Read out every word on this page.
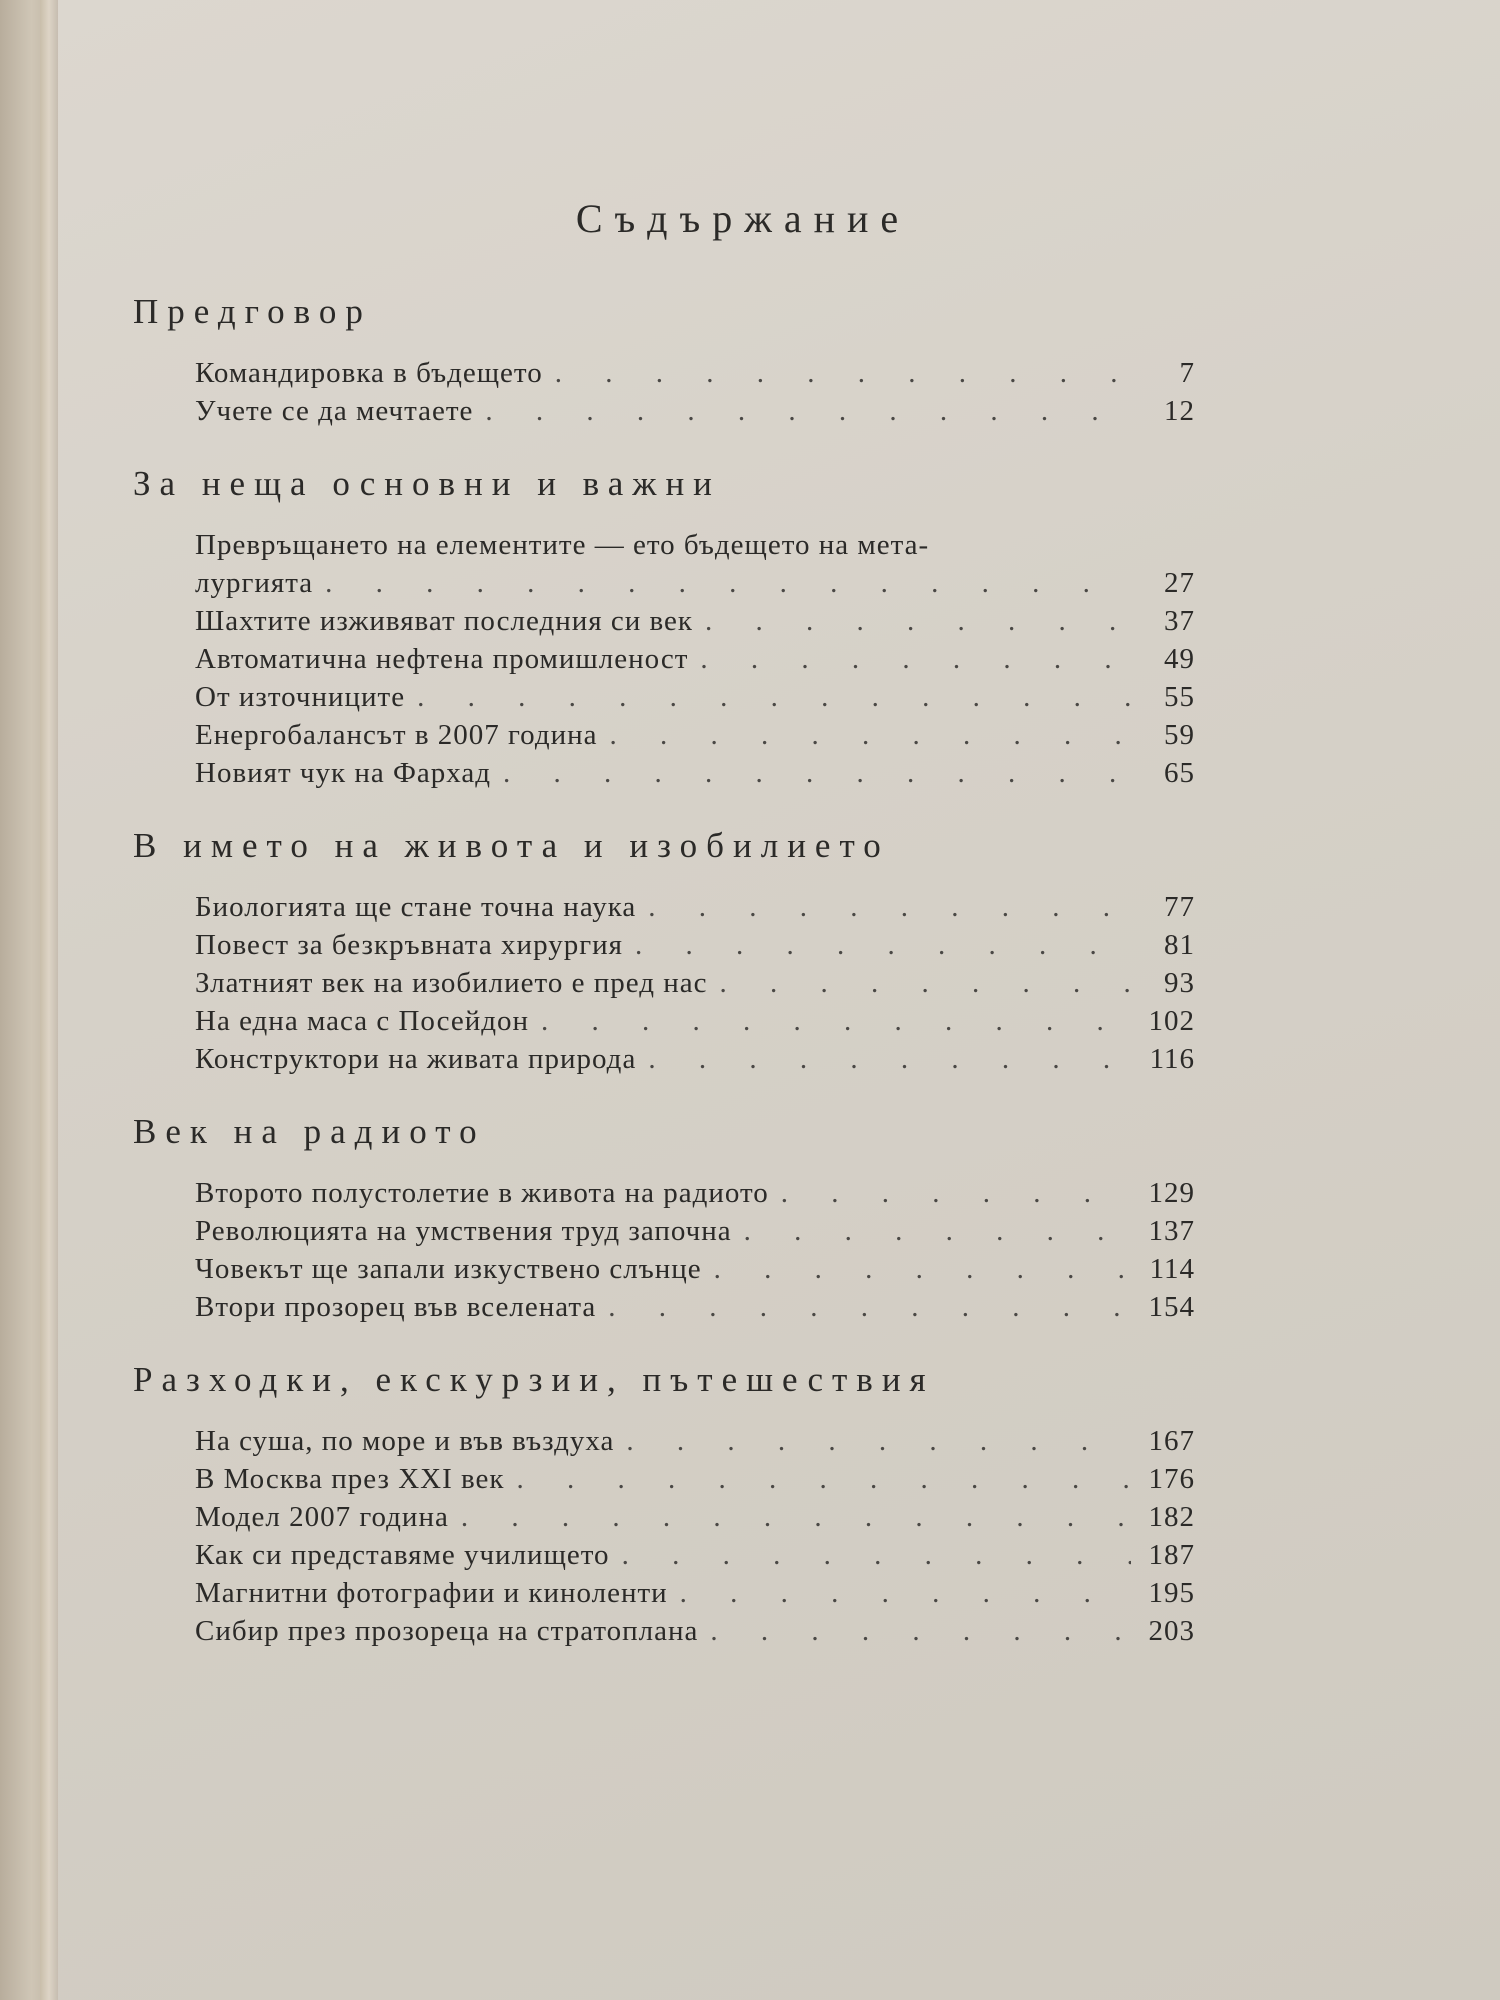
Съдържание
Предговор
Командировка в бъдещето . . .	7
Учете се да мечтаете . . .	12
За неща основни и важни
Превръщането на елементите — ето бъдещето на мета-
лургията . . .	27
Шахтите изживяват последния си век . . .	37
Автоматична нефтена промишленост . . .	49
От източниците . . .	55
Енергобалансът в 2007 година . . .	59
Новият чук на Фархад . . .	65
В името на живота и изобилието
Биологията ще стане точна наука . . .	77
Повест за безкръвната хирургия . . .	81
Златният век на изобилието е пред нас . . .	93
На една маса с Посейдон . . .	102
Конструктори на живата природа . . .	116
Век на радиото
Второто полустолетие в живота на радиото . . .	129
Революцията на умствения труд започна . . .	137
Човекът ще запали изкуствено слънце . . .	114
Втори прозорец във вселената . . .	154
Разходки, екскурзии, пътешествия
На суша, по море и във въздуха . . .	167
В Москва през XXI век . . .	176
Модел 2007 година . . .	182
Как си представяме училището . . .	187
Магнитни фотографии и киноленти . . .	195
Сибир през прозореца на стратоплана . . .	203
